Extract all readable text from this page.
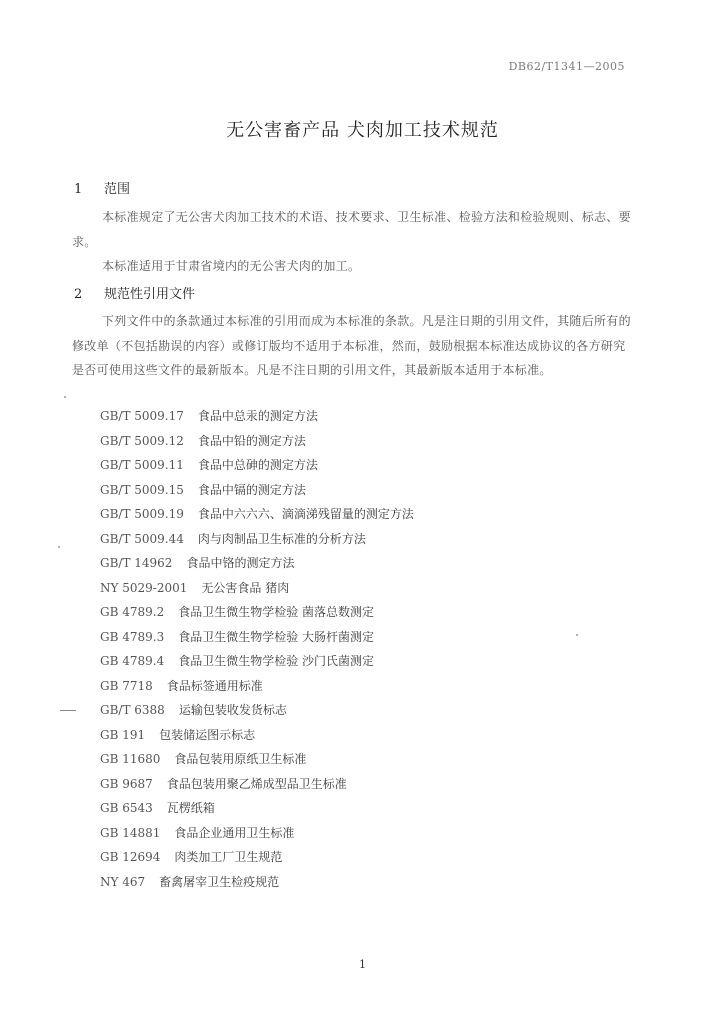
DB62/T1341—2005
无公害畜产品 犬肉加工技术规范
1 范围
本标准规定了无公害犬肉加工技术的术语、技术要求、卫生标准、检验方法和检验规则、标志、要求。
本标准适用于甘肃省境内的无公害犬肉的加工。
2 规范性引用文件
下列文件中的条款通过本标准的引用而成为本标准的条款。凡是注日期的引用文件，其随后所有的修改单（不包括勘误的内容）或修订版均不适用于本标准，然而，鼓励根据本标准达成协议的各方研究是否可使用这些文件的最新版本。凡是不注日期的引用文件，其最新版本适用于本标准。
GB/T 5009.17 食品中总汞的测定方法
GB/T 5009.12 食品中铅的测定方法
GB/T 5009.11 食品中总砷的测定方法
GB/T 5009.15 食品中镉的测定方法
GB/T 5009.19 食品中六六六、滴滴涕残留量的测定方法
GB/T 5009.44 肉与肉制品卫生标准的分析方法
GB/T 14962 食品中铬的测定方法
NY 5029-2001 无公害食品 猪肉
GB 4789.2 食品卫生微生物学检验 菌落总数测定
GB 4789.3 食品卫生微生物学检验 大肠杆菌测定
GB 4789.4 食品卫生微生物学检验 沙门氏菌测定
GB 7718 食品标签通用标准
GB/T 6388 运输包装收发货标志
GB 191 包装储运图示标志
GB 11680 食品包装用原纸卫生标准
GB 9687 食品包装用聚乙烯成型品卫生标准
GB 6543 瓦楞纸箱
GB 14881 食品企业通用卫生标准
GB 12694 肉类加工厂卫生规范
NY 467 畜禽屠宰卫生检疫规范
1
